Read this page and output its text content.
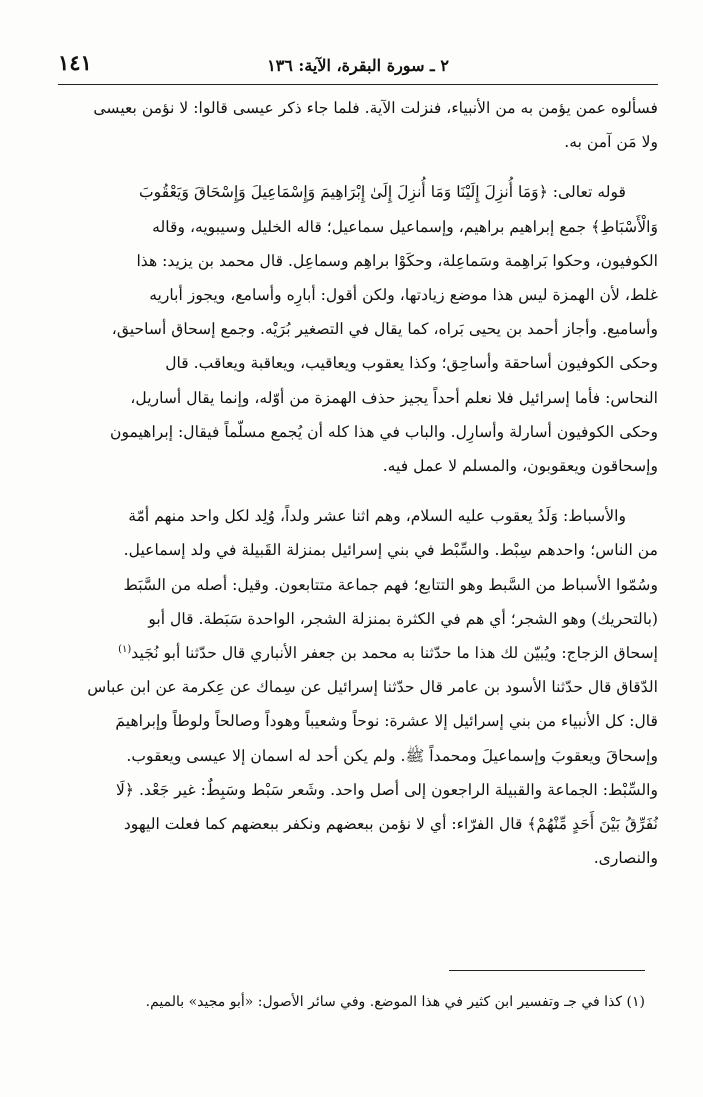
١٤١	٢ ـ سورة البقرة، الآية: ١٣٦

فسألوه عمن يؤمن به من الأنبياء، فنزلت الآية. فلما جاء ذكر عيسى قالوا: لا نؤمن بعيسى

ولا مَن آمن به.

قوله تعالى: ﴿وَمَا أُنزِلَ إِلَيْنَا وَمَا أُنزِلَ إِلَىٰ إِبْرَاهِيمَ وَإِسْمَاعِيلَ وَإِسْحَاقَ وَيَعْقُوبَ

وَالْأَسْبَاطِ﴾ جمع إبراهيم براهيم، وإسماعيل سماعيل؛ قاله الخليل وسيبويه، وقاله

الكوفيون، وحكوا بَراهِمة وسَماعِلة، وحكَوْا براهِم وسماعِل. قال محمد بن يزيد: هذا

غلط، لأن الهمزة ليس هذا موضع زيادتها، ولكن أقول: أبارِه وأسامع، ويجوز أباريه

وأساميع. وأجاز أحمد بن يحيى بَراه، كما يقال في التصغير بُرَيْه. وجمع إسحاق أساحيق،

وحكى الكوفيون أساحقة وأساحِق؛ وكذا يعقوب ويعاقيب، ويعاقبة ويعاقب. قال

النحاس: فأما إسرائيل فلا نعلم أحداً يجيز حذف الهمزة من أوّله، وإنما يقال أساريل،

وحكى الكوفيون أسارلة وأسارِل. والباب في هذا كله أن يُجمع مسلّماً فيقال: إبراهيمون

وإسحاقون ويعقوبون، والمسلم لا عمل فيه.

والأسباط: وَلَدُ يعقوب عليه السلام، وهم اثنا عشر ولداً، وُلِد لكل واحد منهم أمّة

من الناس؛ واحدهم سِبْط. والسِّبْط في بني إسرائيل بمنزلة القَبيلة في ولد إسماعيل.

وسُمّوا الأسباط من السَّبط وهو التتابع؛ فهم جماعة متتابعون. وقيل: أصله من السَّبَط

(بالتحريك) وهو الشجر؛ أي هم في الكثرة بمنزلة الشجر، الواحدة سَبَطة. قال أبو

إسحاق الزجاج: ويُبيّن لك هذا ما حدّثنا به محمد بن جعفر الأنباري قال حدّثنا أبو نُجَيد$^{(١)}$

الدّقاق قال حدّثنا الأسود بن عامر قال حدّثنا إسرائيل عن سِماك عن عِكرمة عن ابن عباس

قال: كل الأنبياء من بني إسرائيل إلا عشرة: نوحاً وشعيباً وهوداً وصالحاً ولوطاً وإبراهيمَ

وإسحاقَ ويعقوبَ وإسماعيلَ ومحمداً ﷺ. ولم يكن أحد له اسمان إلا عيسى ويعقوب.

والسِّبْط: الجماعة والقبيلة الراجعون إلى أصل واحد. وشَعر سَبْط وسَبِطٌ: غير جَعْد. ﴿لَا

نُفَرِّقُ بَيْنَ أَحَدٍ مِّنْهُمْ﴾ قال الفرّاء: أي لا نؤمن ببعضهم ونكفر ببعضهم كما فعلت اليهود

والنصارى.

(١) كذا في جـ وتفسير ابن كثير في هذا الموضع. وفي سائر الأصول: «أبو مجيد» بالميم.
